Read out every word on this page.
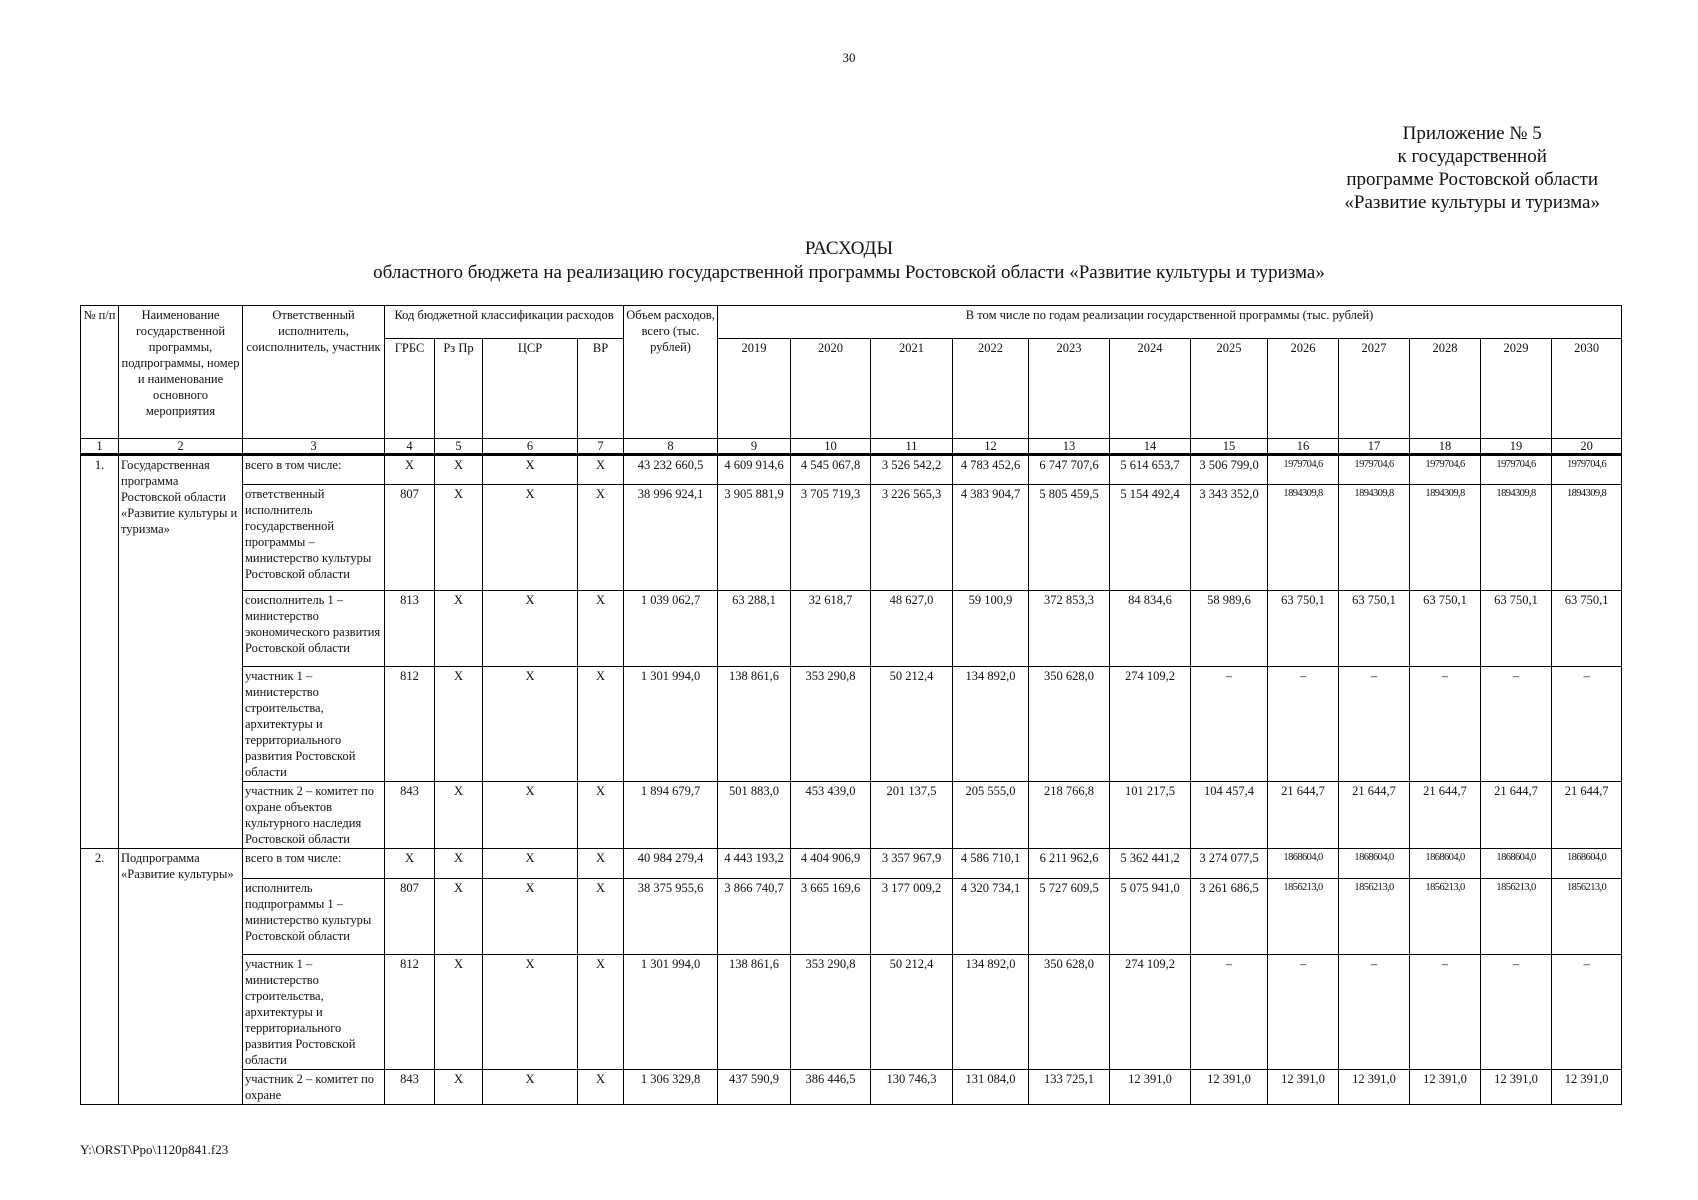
30
Приложение № 5
к государственной
программе Ростовской области
«Развитие культуры и туризма»
РАСХОДЫ
областного бюджета на реализацию государственной программы Ростовской области «Развитие культуры и туризма»
№ п/п	Наименование государственной программы, подпрограммы, номер и наименование основного мероприятия	Ответственный исполнитель, соисполнитель, участник	Код бюджетной классификации расходов				Объем расходов, всего (тыс. рублей)	В том числе по годам реализации государственной программы (тыс. рублей)											
			ГРБС	Рз Пр	ЦСР	ВР		2019	2020	2021	2022	2023	2024	2025	2026	2027	2028	2029	2030
1	2	3	4	5	6	7	8	9	10	11	12	13	14	15	16	17	18	19	20
1.	Государственная программа Ростовской области «Развитие культуры и туризма»	всего в том числе:	Х	Х	Х	Х	43 232 660,5	4 609 914,6	4 545 067,8	3 526 542,2	4 783 452,6	6 747 707,6	5 614 653,7	3 506 799,0	1979704,6	1979704,6	1979704,6	1979704,6	1979704,6
		ответственный исполнитель государственной программы – министерство культуры Ростовской области	807	Х	Х	Х	38 996 924,1	3 905 881,9	3 705 719,3	3 226 565,3	4 383 904,7	5 805 459,5	5 154 492,4	3 343 352,0	1894309,8	1894309,8	1894309,8	1894309,8	1894309,8
		соисполнитель 1 – министерство экономического развития Ростовской области	813	Х	Х	Х	1 039 062,7	63 288,1	32 618,7	48 627,0	59 100,9	372 853,3	84 834,6	58 989,6	63 750,1	63 750,1	63 750,1	63 750,1	63 750,1
		участник 1 – министерство строительства, архитектуры и территориального развития Ростовской области	812	Х	Х	Х	1 301 994,0	138 861,6	353 290,8	50 212,4	134 892,0	350 628,0	274 109,2	–	–	–	–	–	–
		участник 2 – комитет по охране объектов культурного наследия Ростовской области	843	Х	Х	Х	1 894 679,7	501 883,0	453 439,0	201 137,5	205 555,0	218 766,8	101 217,5	104 457,4	21 644,7	21 644,7	21 644,7	21 644,7	21 644,7
2.	Подпрограмма «Развитие культуры»	всего в том числе:	Х	Х	Х	Х	40 984 279,4	4 443 193,2	4 404 906,9	3 357 967,9	4 586 710,1	6 211 962,6	5 362 441,2	3 274 077,5	1868604,0	1868604,0	1868604,0	1868604,0	1868604,0
		исполнитель подпрограммы 1 – министерство культуры Ростовской области	807	Х	Х	Х	38 375 955,6	3 866 740,7	3 665 169,6	3 177 009,2	4 320 734,1	5 727 609,5	5 075 941,0	3 261 686,5	1856213,0	1856213,0	1856213,0	1856213,0	1856213,0
		участник 1 – министерство строительства, архитектуры и территориального развития Ростовской области	812	Х	Х	Х	1 301 994,0	138 861,6	353 290,8	50 212,4	134 892,0	350 628,0	274 109,2	–	–	–	–	–	–
		участник 2 – комитет по охране	843	Х	Х	Х	1 306 329,8	437 590,9	386 446,5	130 746,3	131 084,0	133 725,1	12 391,0	12 391,0	12 391,0	12 391,0	12 391,0	12 391,0	12 391,0
Y:\ORST\Ppo\1120p841.f23
